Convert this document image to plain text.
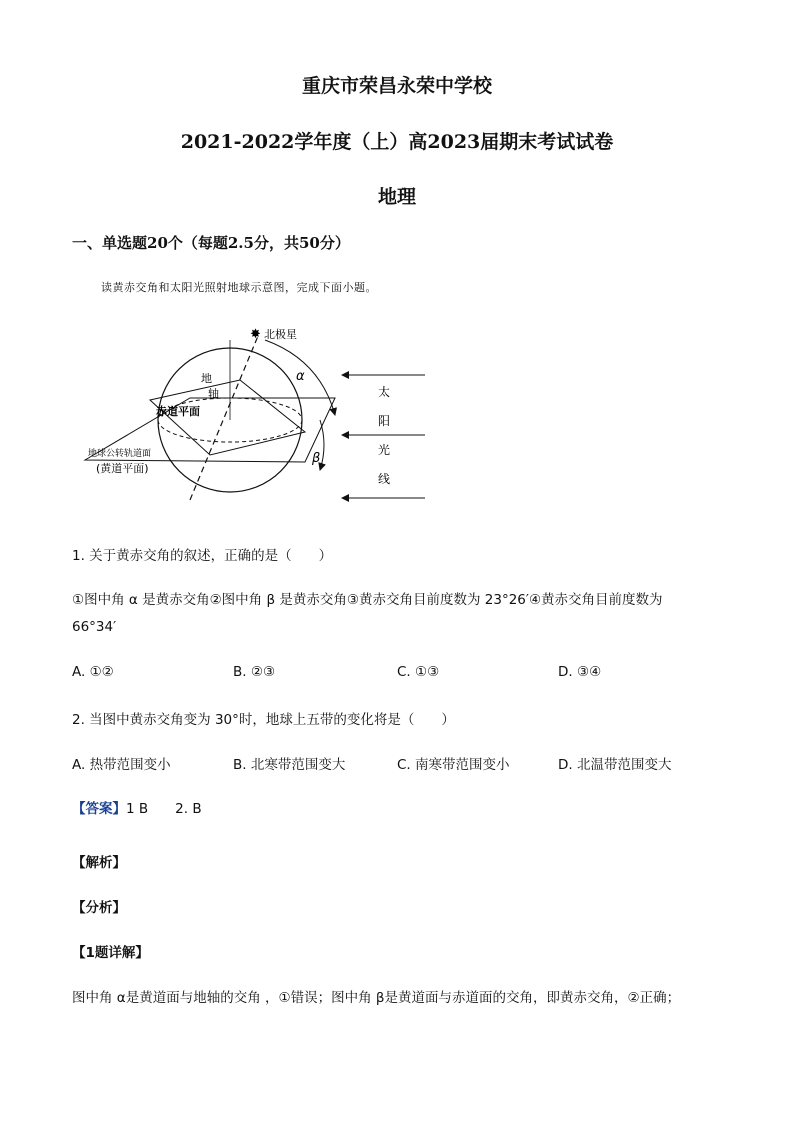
重庆市荣昌永荣中学校
2021-2022学年度（上）高2023届期末考试试卷
地理
一、单选题20个（每题2.5分，共50分）
读黄赤交角和太阳光照射地球示意图，完成下面小题。
✸ 北极星
地
轴
赤道平面
地球公转轨道面
(黄道平面)
α
β
太
阳
光
线
1. 关于黄赤交角的叙述，正确的是（　　）
①图中角 α 是黄赤交角②图中角 β 是黄赤交角③黄赤交角目前度数为 23°26′④黄赤交角目前度数为
66°34′
A. ①②	B. ②③	C. ①③	D. ③④
2. 当图中黄赤交角变为 30°时，地球上五带的变化将是（　　）
A. 热带范围变小	B. 北寒带范围变大	C. 南寒带范围变小	D. 北温带范围变大
【答案】1 B　　2. B
【解析】
【分析】
【1题详解】
图中角 α是黄道面与地轴的交角 ，①错误；图中角 β是黄道面与赤道面的交角，即黄赤交角，②正确；
